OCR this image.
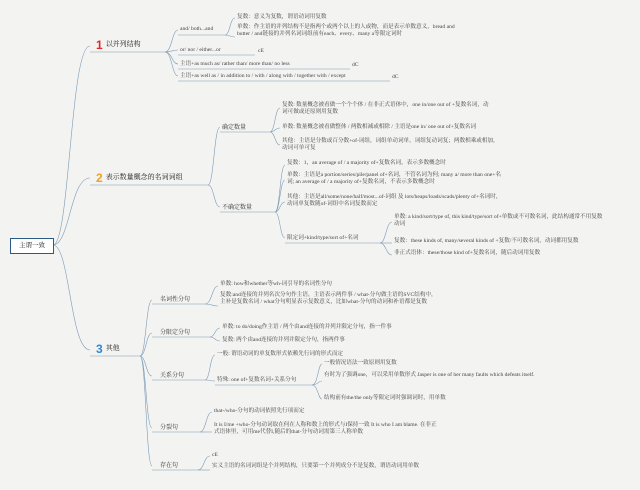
主谓一致
1 以并列结构
and/ both...and
复数：意义为复数，谓语动词用复数
单数：作主语的并列结构不是指两个或两个以上的人或物，而是表示单数意义，bread and butter / and链接的并列名词词组前有each、every、many a等限定词时
or/ nor / either...or	cE
主语+as much as/ rather than/ more than/ no less	dC
主语+as well as / in addition to / with / along with / together with / except	dC
2 表示数量概念的名词词组
确定数量
复数: 数量概念被看做一个个个体 / 在非正式语体中，one in/one out of +复数名词，动词可做或还原则用复数
单数: 数量概念被看做整体 / 两数相减或相除 / 主语是one in/ one out of+复数名词
其他：主语是分数或百分数+of-词组，词组单动词单，词组复动词复；两数相乘或相加，动词可单可复
不确定数量
复数：1，an average of / a majority of+复数名词，表示多数概念时
单数：主语是a portion/series/pile/panel of+名词，不管名词为何; many a/ more than one+名词; an average of / a majority of+复数名词，不表示多数概念时
其他：主语是all/some/none/half/most...of-词组 及 lots/heaps/loads/scads/plenty of+名词时，动词单复数随of-词组中名词复数而定
限定词+kind/type/sort of+名词
单数: a kind/sort/type of, this kind/type/sort of+单数或不可数名词，此结构通常不用复数动词
复数：these kinds of, many/several kinds of +复数/不可数名词，动词都用复数
非正式语体：these/those kind of+复数名词，随后动词用复数
3 其他
名词性分句
单数: how和whether等wh-词引导的名词性分句
复数:and连接的并列名次分句作主语，主语表示两件事 / what-分句做主语的SVC结构中，主补是复数名词 / what分句明显表示复数意义，比如what-分句的动词和补语都是复数
分限定分句
单数: to do/doing作主语 / 两个由and连接的并列并限定分句，指一件事
复数: 两个由and连接的并列并限定分句，指两件事
关系分句
一般: 谓语动词的单复数形式依赖先行词的形式而定
特殊: one of+复数名词+关系分句
一般情况语法一致原则用复数
有时为了强调one，可以采用单数形式 Jasper is one of her many faults which defeats itself.
结构前有the/the only等限定词时强调词时，用单数
分裂句
that-/who-分句的动词依照先行项而定
It is I/me +who-分句动词取在何在人称和数上的形式与I保持一致 It is who I am blame. 在非正式语体里，可用me代替I,随后的that-分句动词需第三人称单数
存在句
cE
实义主语的名词词组是个并列结构，只要第一个并列成分不是复数，谓语动词用单数
